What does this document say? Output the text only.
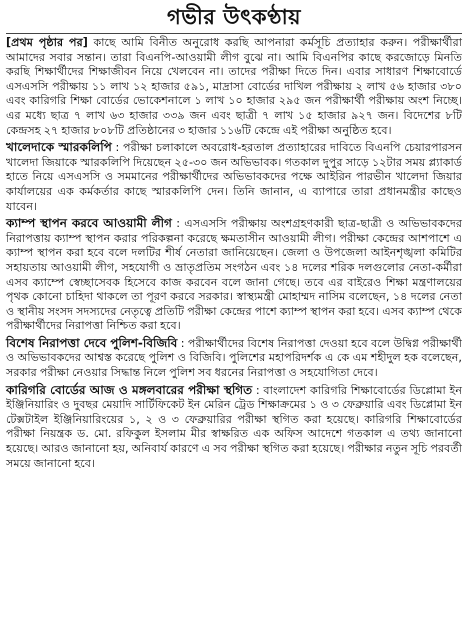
গভীর উৎকণ্ঠায়

[প্রথম পৃষ্ঠার পর] কাছে আমি বিনীত অনুরোধ করছি আপনারা কর্মসূচি প্রত্যাহার করুন। পরীক্ষার্থীরা আমাদের সবার সন্তান। তারা বিএনপি-আওয়ামী লীগ বুঝে না। আমি বিএনপির কাছে করজোড়ে মিনতি করছি শিক্ষার্থীদের শিক্ষাজীবন নিয়ে খেলবেন না। তাদের পরীক্ষা দিতে দিন। এবার সাধারণ শিক্ষাবোর্ডে এসএসসি পরীক্ষায় ১১ লাখ ১২ হাজার ৫৯১, মাদ্রাসা বোর্ডের দাখিল পরীক্ষায় ২ লাখ ৫৬ হাজার ৩৮০ এবং কারিগরি শিক্ষা বোর্ডের ভোকেশনালে ১ লাখ ১০ হাজার ২৯৫ জন পরীক্ষার্থী পরীক্ষায় অংশ নিচ্ছে। এর মধ্যে ছাত্র ৭ লাখ ৬৩ হাজার ৩৩৯ জন এবং ছাত্রী ৭ লাখ ১৫ হাজার ৯২৭ জন। বিদেশের ৮টি কেন্দ্রসহ ২৭ হাজার ৮০৮টি প্রতিষ্ঠানের ৩ হাজার ১১৬টি কেন্দ্রে এই পরীক্ষা অনুষ্ঠিত হবে।

খালেদাকে স্মারকলিপি : পরীক্ষা চলাকালে অবরোধ-হরতাল প্রত্যাহারের দাবিতে বিএনপি চেয়ারপারসন খালেদা জিয়াকে স্মারকলিপি দিয়েছেন ২৫-৩০ জন অভিভাবক। গতকাল দুপুর সাড়ে ১২টার সময় প্ল্যাকার্ড হাতে নিয়ে এসএসসি ও সমমানের পরীক্ষার্থীদের অভিভাবকদের পক্ষে আইরিন পারভীন খালেদা জিয়ার কার্যালয়ের এক কর্মকর্তার কাছে স্মারকলিপি দেন। তিনি জানান, এ ব্যাপারে তারা প্রধানমন্ত্রীর কাছেও যাবেন।

ক্যাম্প স্থাপন করবে আওয়ামী লীগ : এসএসসি পরীক্ষায় অংশগ্রহণকারী ছাত্র-ছাত্রী ও অভিভাবকদের নিরাপত্তায় ক্যাম্প স্থাপন করার পরিকল্পনা করেছে ক্ষমতাসীন আওয়ামী লীগ। পরীক্ষা কেন্দ্রের আশপাশে এ ক্যাম্প স্থাপন করা হবে বলে দলটির শীর্ষ নেতারা জানিয়েছেন। জেলা ও উপজেলা আইনশৃঙ্খলা কমিটির সহায়তায় আওয়ামী লীগ, সহযোগী ও ভ্রাতৃপ্রতিম সংগঠন এবং ১৪ দলের শরিক দলগুলোর নেতা-কর্মীরা এসব ক্যাম্পে স্বেচ্ছাসেবক হিসেবে কাজ করবেন বলে জানা গেছে। তবে এর বাইরেও শিক্ষা মন্ত্রণালয়ের পৃথক কোনো চাহিদা থাকলে তা পূরণ করবে সরকার। স্বাস্থ্যমন্ত্রী মোহাম্মদ নাসিম বলেছেন, ১৪ দলের নেতা ও স্থানীয় সংসদ সদস্যদের নেতৃত্বে প্রতিটি পরীক্ষা কেন্দ্রের পাশে ক্যাম্প স্থাপন করা হবে। এসব ক্যাম্প থেকে পরীক্ষার্থীদের নিরাপত্তা নিশ্চিত করা হবে।

বিশেষ নিরাপত্তা দেবে পুলিশ-বিজিবি : পরীক্ষার্থীদের বিশেষ নিরাপত্তা দেওয়া হবে বলে উদ্বিগ্ন পরীক্ষার্থী ও অভিভাবকদের আশ্বস্ত করেছে পুলিশ ও বিজিবি। পুলিশের মহাপরিদর্শক এ কে এম শহীদুল হক বলেছেন, সরকার পরীক্ষা নেওয়ার সিদ্ধান্ত নিলে পুলিশ সব ধরনের নিরাপত্তা ও সহযোগিতা দেবে।

কারিগরি বোর্ডের আজ ও মঙ্গলবারের পরীক্ষা স্থগিত : বাংলাদেশ কারিগরি শিক্ষাবোর্ডের ডিপ্লোমা ইন ইঞ্জিনিয়ারিং ও দুবছর মেয়াদি সার্টিফিকেট ইন মেরিন ট্রেড শিক্ষাক্রমের ১ ও ৩ ফেব্রুয়ারি এবং ডিপ্লোমা ইন টেক্সটাইল ইঞ্জিনিয়ারিংয়ের ১, ২ ও ৩ ফেব্রুয়ারির পরীক্ষা স্থগিত করা হয়েছে। কারিগরি শিক্ষাবোর্ডের পরীক্ষা নিয়ন্ত্রক ড. মো. রফিকুল ইসলাম মীর স্বাক্ষরিত এক অফিস আদেশে গতকাল এ তথ্য জানানো হয়েছে। আরও জানানো হয়, অনিবার্য কারণে এ সব পরীক্ষা স্থগিত করা হয়েছে। পরীক্ষার নতুন সূচি পরবর্তী সময়ে জানানো হবে।
